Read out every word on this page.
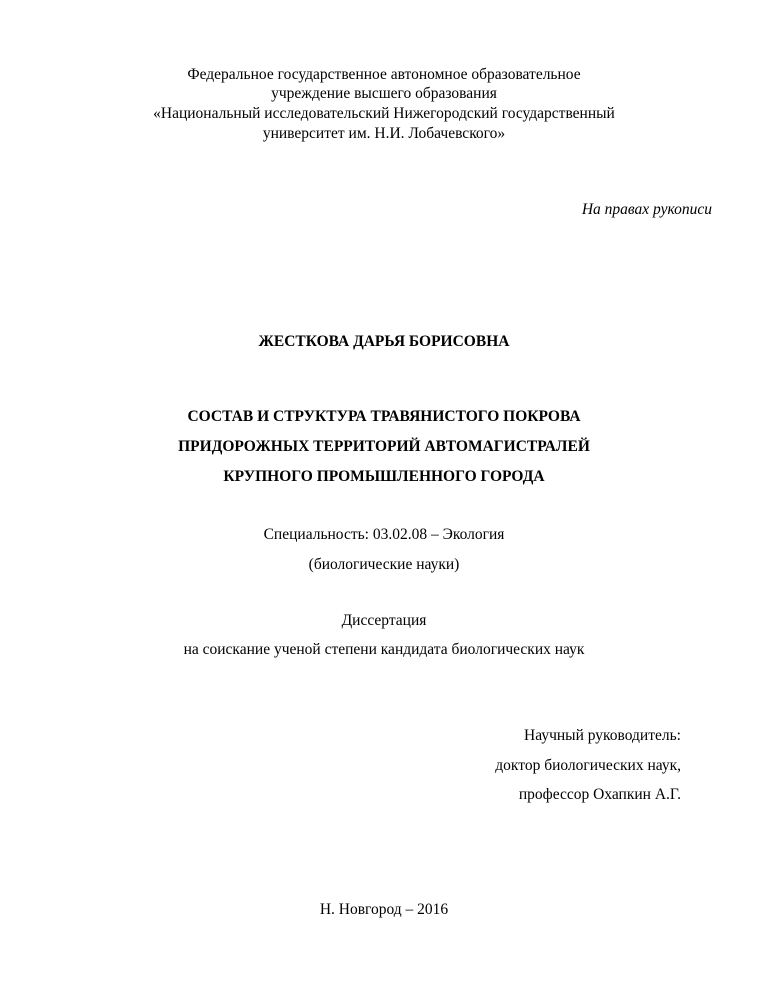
Федеральное государственное автономное образовательное
учреждение высшего образования
«Национальный исследовательский Нижегородский государственный
университет им. Н.И. Лобачевского»
На правах рукописи
ЖЕСТКОВА ДАРЬЯ БОРИСОВНА
СОСТАВ И СТРУКТУРА ТРАВЯНИСТОГО ПОКРОВА
ПРИДОРОЖНЫХ ТЕРРИТОРИЙ АВТОМАГИСТРАЛЕЙ
КРУПНОГО ПРОМЫШЛЕННОГО ГОРОДА
Специальность: 03.02.08 – Экология
(биологические науки)
Диссертация
на соискание ученой степени кандидата биологических наук
Научный руководитель:
доктор биологических наук,
профессор Охапкин А.Г.
Н. Новгород – 2016
